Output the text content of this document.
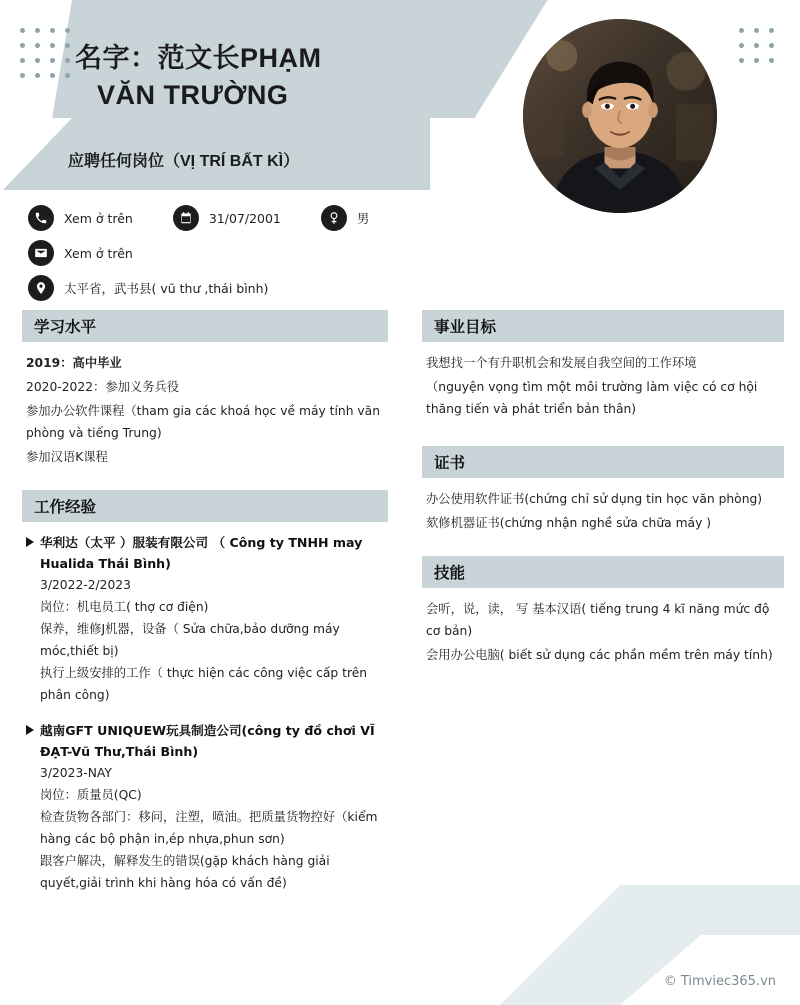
名字：范文长PHẠM
VĂN TRƯỜNG
应聘任何岗位（VỊ TRÍ BẤT KÌ）
Xem ở trên	31/07/2001	男
Xem ở trên
太平省，武书县( vũ thư ,thái bình)
学习水平

2019：高中毕业

2020-2022：参加义务兵役

参加办公软件课程（tham gia các khoá học về máy tính văn phòng và tiếng Trung)

参加汉语K课程

工作经验
华利达（太平 ）服装有限公司 （ Công ty TNHH may Hualida Thái Bình)
3/2022-2/2023
岗位：机电员工( thợ cơ điện)
保养，维修J机器，设备（ Sửa chữa,bảo dưỡng máy móc,thiết bị)
执行上级安排的工作（ thực hiện các công việc cấp trên phân công)
越南GFT UNIQUEW玩具制造公司(công ty đồ chơi VĨ ĐẠT-Vũ Thư,Thái Bình)
3/2023-NAY
岗位：质量员(QC)
检查货物各部门：移问，注塑，喷油。把质量货物控好（kiểm hàng các bộ phận in,ép nhựa,phun sơn)
跟客户解决，解释发生的错误(gặp khách hàng giải quyết,giải trình khi hàng hóa có vấn đề)
事业目标

我想找一个有升职机会和发展自我空间的工作环境

（nguyện vọng tìm một môi trường làm việc có cơ hội thăng tiến và phát triển bản thân)

证书

办公使用软件证书(chứng chỉ sử dụng tin học văn phòng)

欬修机器证书(chứng nhận nghề sửa chữa máy )

技能

会听，说，读， 写 基本汉语( tiếng trung 4 kĩ năng mức độ cơ bản)

会用办公电脑( biết sử dụng các phần mềm trên máy tính)

© Timviec365.vn
